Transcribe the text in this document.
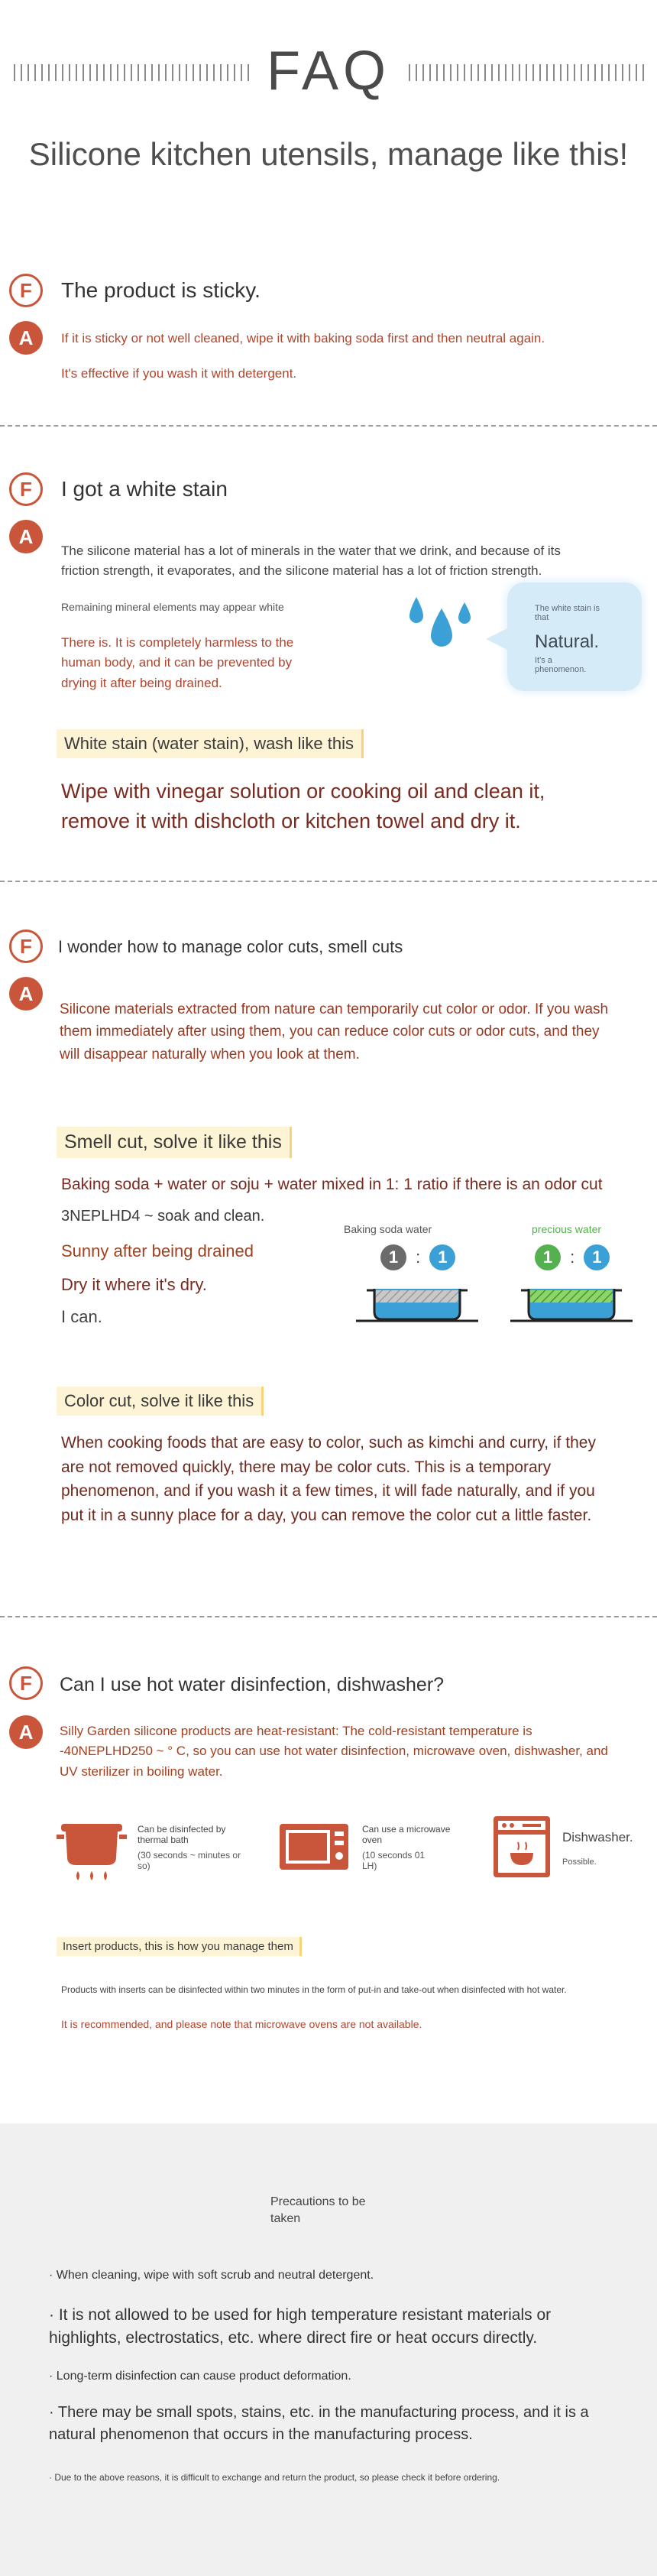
FAQ
Silicone kitchen utensils, manage like this!
F	The product is sticky.
A	If it is sticky or not well cleaned, wipe it with baking soda first and then neutral again.
It's effective if you wash it with detergent.
F	I got a white stain
A
The silicone material has a lot of minerals in the water that we drink, and because of its friction strength, it evaporates, and the silicone material has a lot of friction strength.
Remaining mineral elements may appear white
There is. It is completely harmless to the human body, and it can be prevented by drying it after being drained.
The white stain is that
Natural.
It's a phenomenon.
White stain (water stain), wash like this
Wipe with vinegar solution or cooking oil and clean it, remove it with dishcloth or kitchen towel and dry it.
F	I wonder how to manage color cuts, smell cuts
A
Silicone materials extracted from nature can temporarily cut color or odor. If you wash them immediately after using them, you can reduce color cuts or odor cuts, and they will disappear naturally when you look at them.
Smell cut, solve it like this
Baking soda + water or soju + water mixed in 1: 1 ratio if there is an odor cut
3NEPLHD4 ~ soak and clean.
Sunny after being drained
Dry it where it's dry.
I can.
Baking soda water
1 : 1
precious water
1 : 1
Color cut, solve it like this
When cooking foods that are easy to color, such as kimchi and curry, if they are not removed quickly, there may be color cuts. This is a temporary phenomenon, and if you wash it a few times, it will fade naturally, and if you put it in a sunny place for a day, you can remove the color cut a little faster.
F	Can I use hot water disinfection, dishwasher?
A	Silly Garden silicone products are heat-resistant: The cold-resistant temperature is -40NEPLHD250 ~ ° C, so you can use hot water disinfection, microwave oven, dishwasher, and UV sterilizer in boiling water.
Can be disinfected by thermal bath
(30 seconds ~ minutes or so)
Can use a microwave oven
(10 seconds 01 LH)
Dishwasher.
Possible.
Insert products, this is how you manage them
Products with inserts can be disinfected within two minutes in the form of put-in and take-out when disinfected with hot water.
It is recommended, and please note that microwave ovens are not available.
Precautions to be taken
· When cleaning, wipe with soft scrub and neutral detergent.
· It is not allowed to be used for high temperature resistant materials or highlights, electrostatics, etc. where direct fire or heat occurs directly.
· Long-term disinfection can cause product deformation.
· There may be small spots, stains, etc. in the manufacturing process, and it is a natural phenomenon that occurs in the manufacturing process.
· Due to the above reasons, it is difficult to exchange and return the product, so please check it before ordering.
